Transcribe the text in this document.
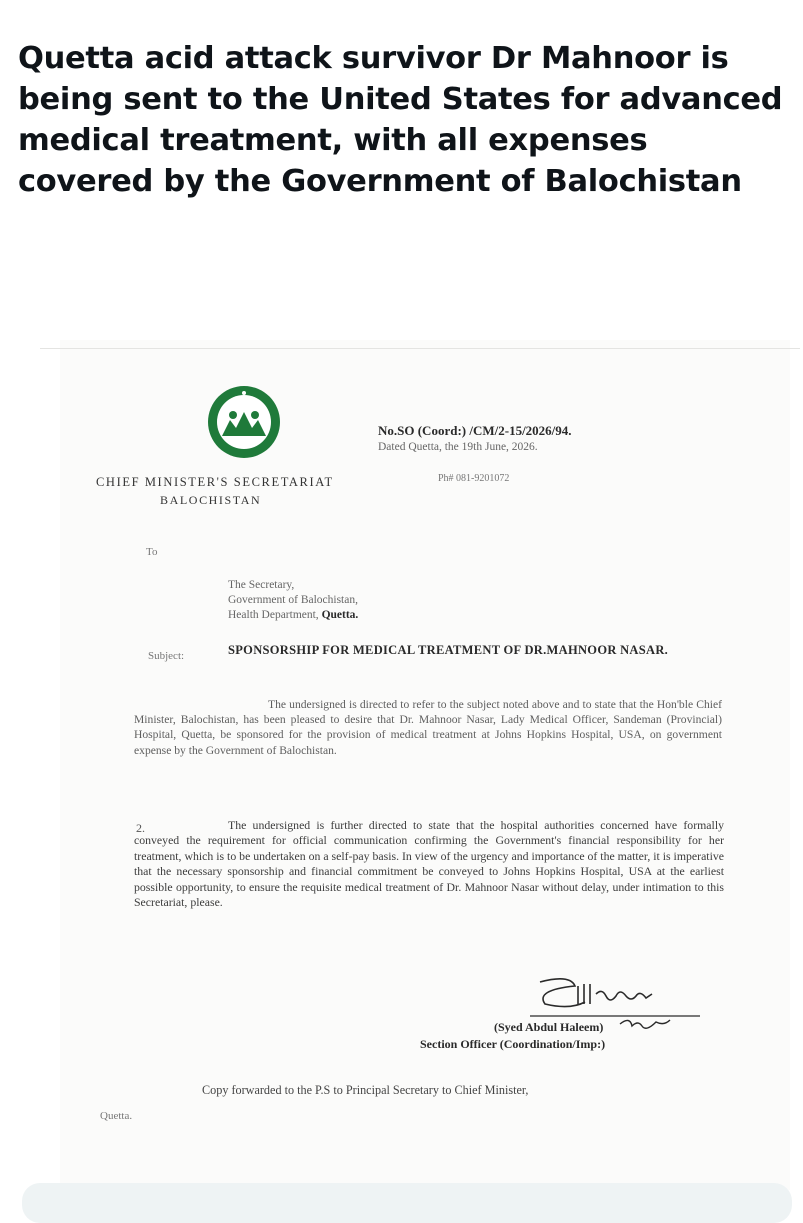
Quetta acid attack survivor Dr Mahnoor is being sent to the United States for advanced medical treatment, with all expenses covered by the Government of Balochistan
CHIEF MINISTER'S SECRETARIAT
BALOCHISTAN
No.SO (Coord:) /CM/2-15/2026/94.
Dated Quetta, the 19th June, 2026.
Ph# 081-9201072
To
The Secretary,
Government of Balochistan,
Health Department, Quetta.
Subject:	SPONSORSHIP FOR MEDICAL TREATMENT OF DR.MAHNOOR NASAR.
The undersigned is directed to refer to the subject noted above and to state that the Hon'ble Chief Minister, Balochistan, has been pleased to desire that Dr. Mahnoor Nasar, Lady Medical Officer, Sandeman (Provincial) Hospital, Quetta, be sponsored for the provision of medical treatment at Johns Hopkins Hospital, USA, on government expense by the Government of Balochistan.
2.	The undersigned is further directed to state that the hospital authorities concerned have formally conveyed the requirement for official communication confirming the Government's financial responsibility for her treatment, which is to be undertaken on a self-pay basis. In view of the urgency and importance of the matter, it is imperative that the necessary sponsorship and financial commitment be conveyed to Johns Hopkins Hospital, USA at the earliest possible opportunity, to ensure the requisite medical treatment of Dr. Mahnoor Nasar without delay, under intimation to this Secretariat, please.
(Syed Abdul Haleem)
Section Officer (Coordination/Imp:)
Copy forwarded to the P.S to Principal Secretary to Chief Minister,
Quetta.
